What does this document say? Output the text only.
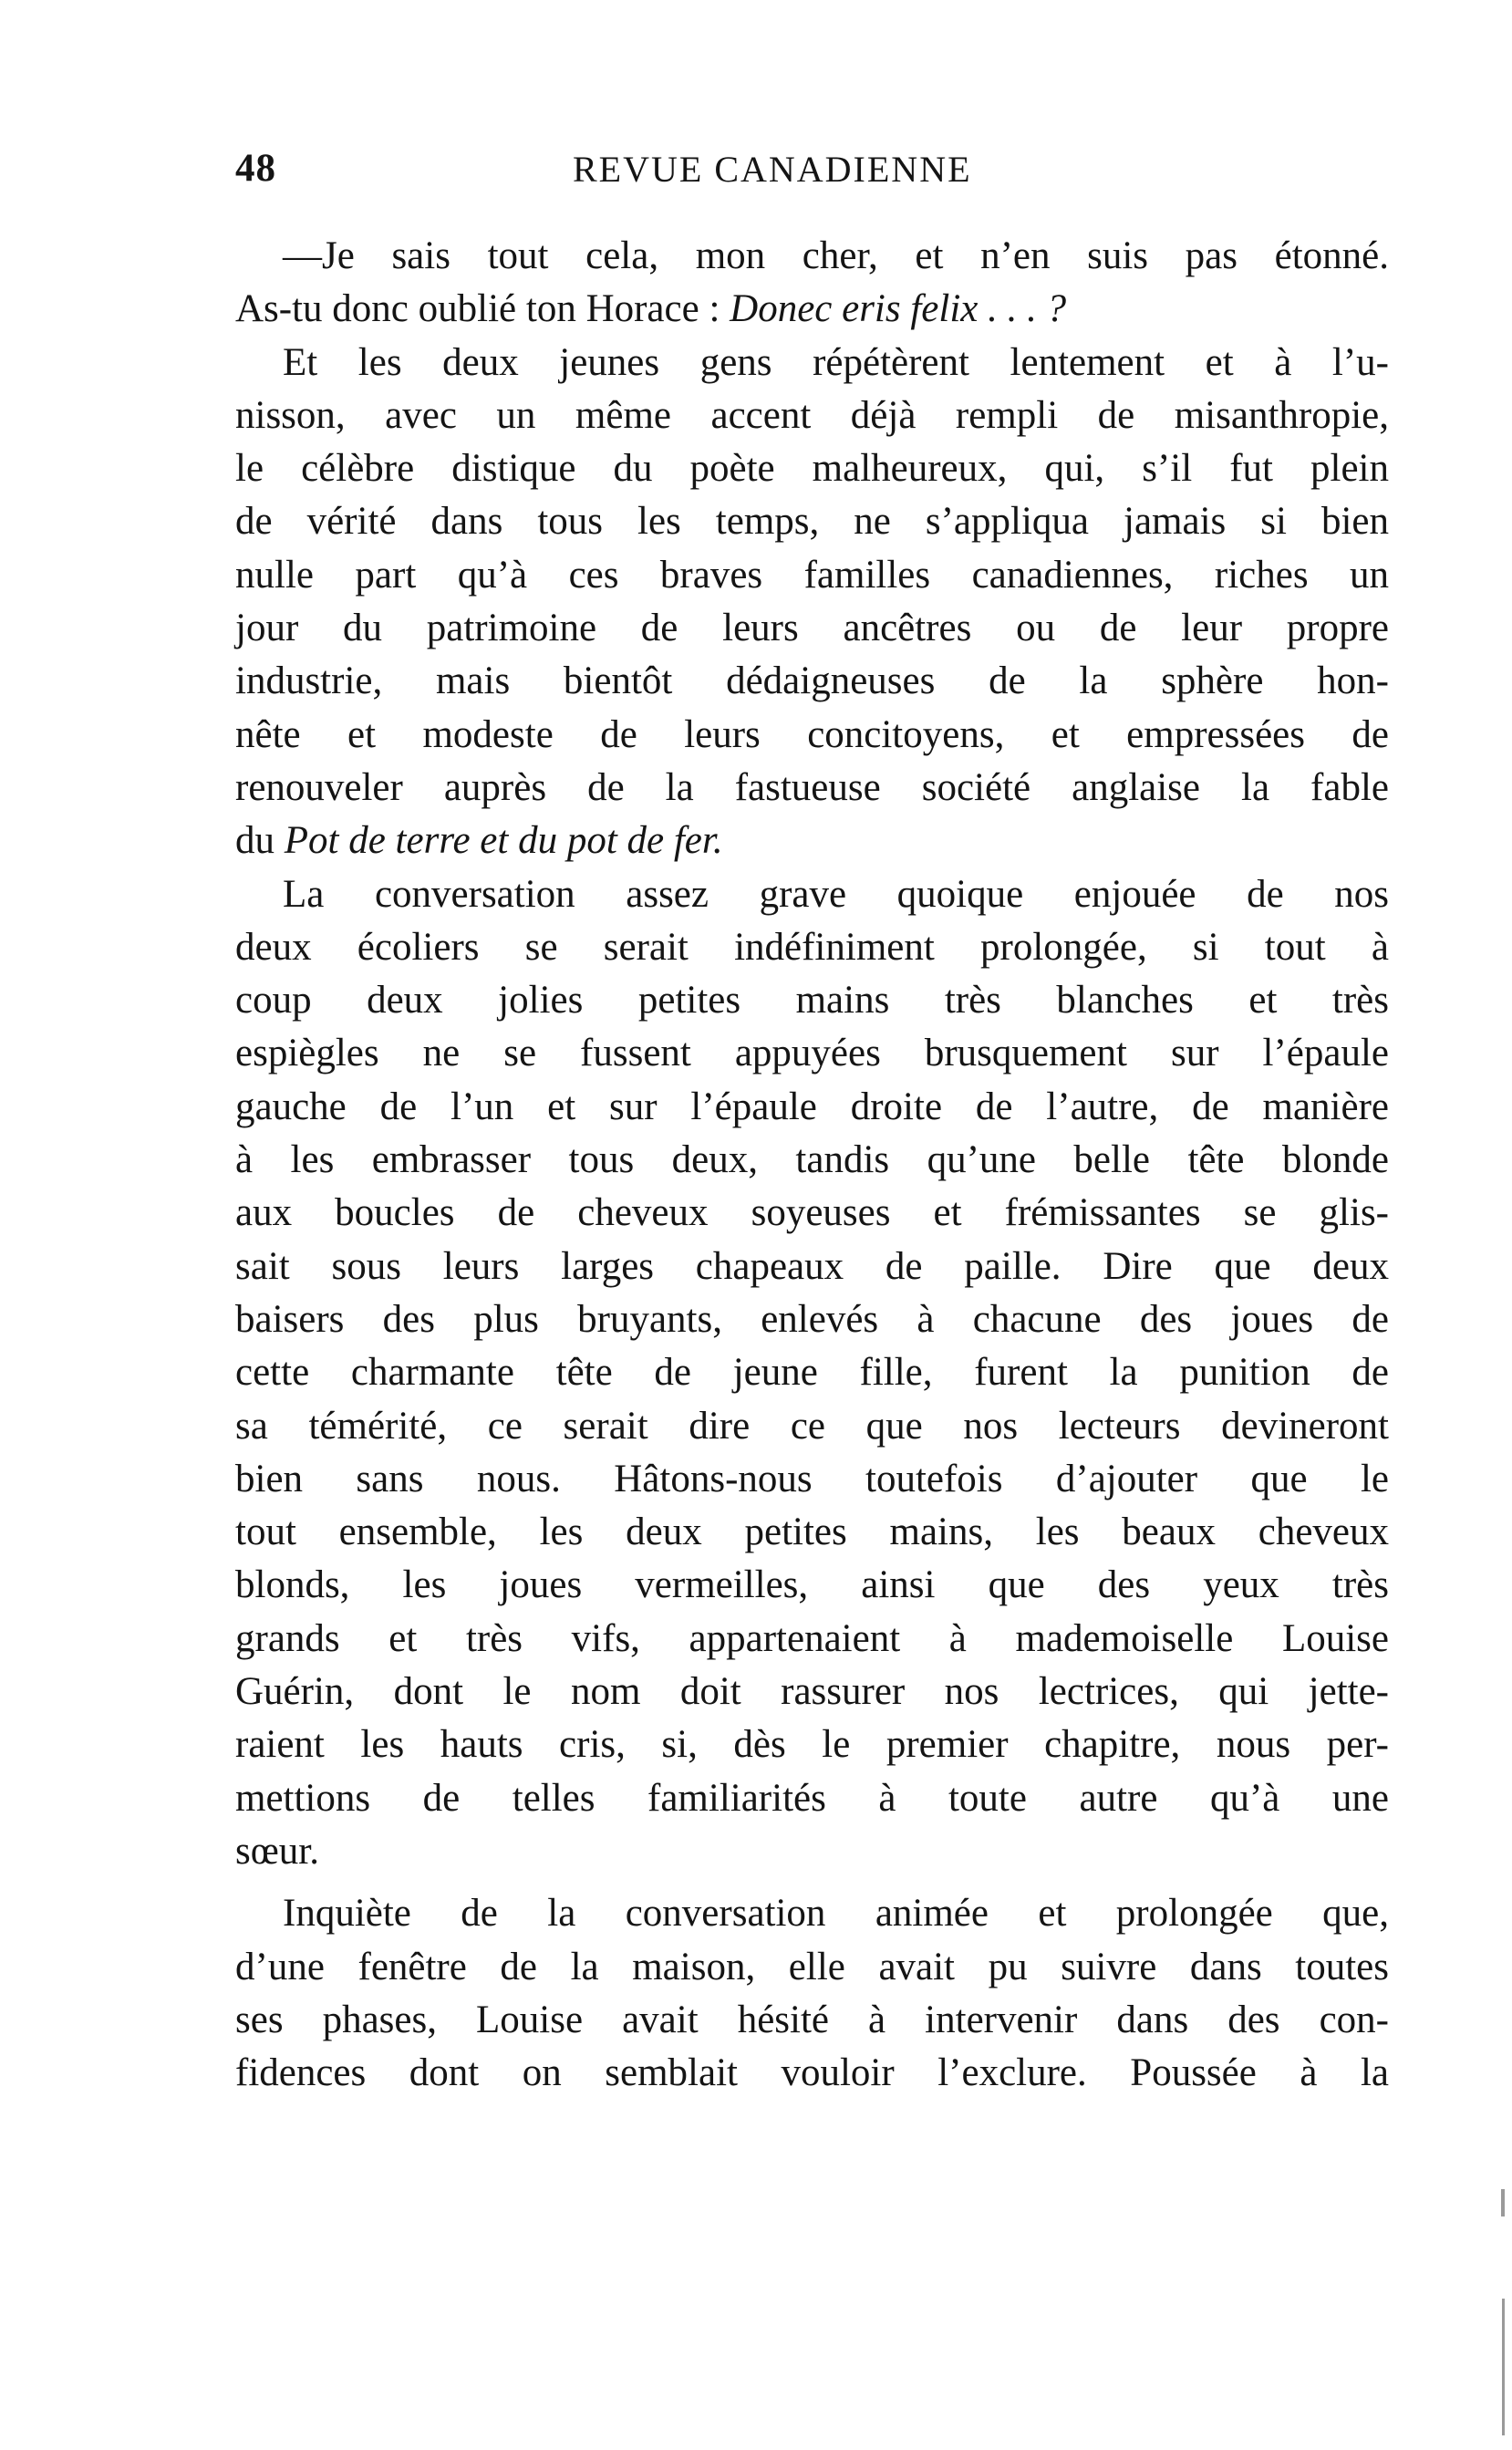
48	REVUE CANADIENNE
—Je sais tout cela, mon cher, et n’en suis pas étonné.
As-tu donc oublié ton Horace : Donec eris felix . . . ?
Et les deux jeunes gens répétèrent lentement et à l’u-
nisson, avec un même accent déjà rempli de misanthropie,
le célèbre distique du poète malheureux, qui, s’il fut plein
de vérité dans tous les temps, ne s’appliqua jamais si bien
nulle part qu’à ces braves familles canadiennes, riches un
jour du patrimoine de leurs ancêtres ou de leur propre
industrie, mais bientôt dédaigneuses de la sphère hon-
nête et modeste de leurs concitoyens, et empressées de
renouveler auprès de la fastueuse société anglaise la fable
du Pot de terre et du pot de fer.
La conversation assez grave quoique enjouée de nos
deux écoliers se serait indéfiniment prolongée, si tout à
coup deux jolies petites mains très blanches et très
espiègles ne se fussent appuyées brusquement sur l’épaule
gauche de l’un et sur l’épaule droite de l’autre, de manière
à les embrasser tous deux, tandis qu’une belle tête blonde
aux boucles de cheveux soyeuses et frémissantes se glis-
sait sous leurs larges chapeaux de paille. Dire que deux
baisers des plus bruyants, enlevés à chacune des joues de
cette charmante tête de jeune fille, furent la punition de
sa témérité, ce serait dire ce que nos lecteurs devineront
bien sans nous. Hâtons-nous toutefois d’ajouter que le
tout ensemble, les deux petites mains, les beaux cheveux
blonds, les joues vermeilles, ainsi que des yeux très
grands et très vifs, appartenaient à mademoiselle Louise
Guérin, dont le nom doit rassurer nos lectrices, qui jette-
raient les hauts cris, si, dès le premier chapitre, nous per-
mettions de telles familiarités à toute autre qu’à une
sœur.
Inquiète de la conversation animée et prolongée que,
d’une fenêtre de la maison, elle avait pu suivre dans toutes
ses phases, Louise avait hésité à intervenir dans des con-
fidences dont on semblait vouloir l’exclure. Poussée à la
